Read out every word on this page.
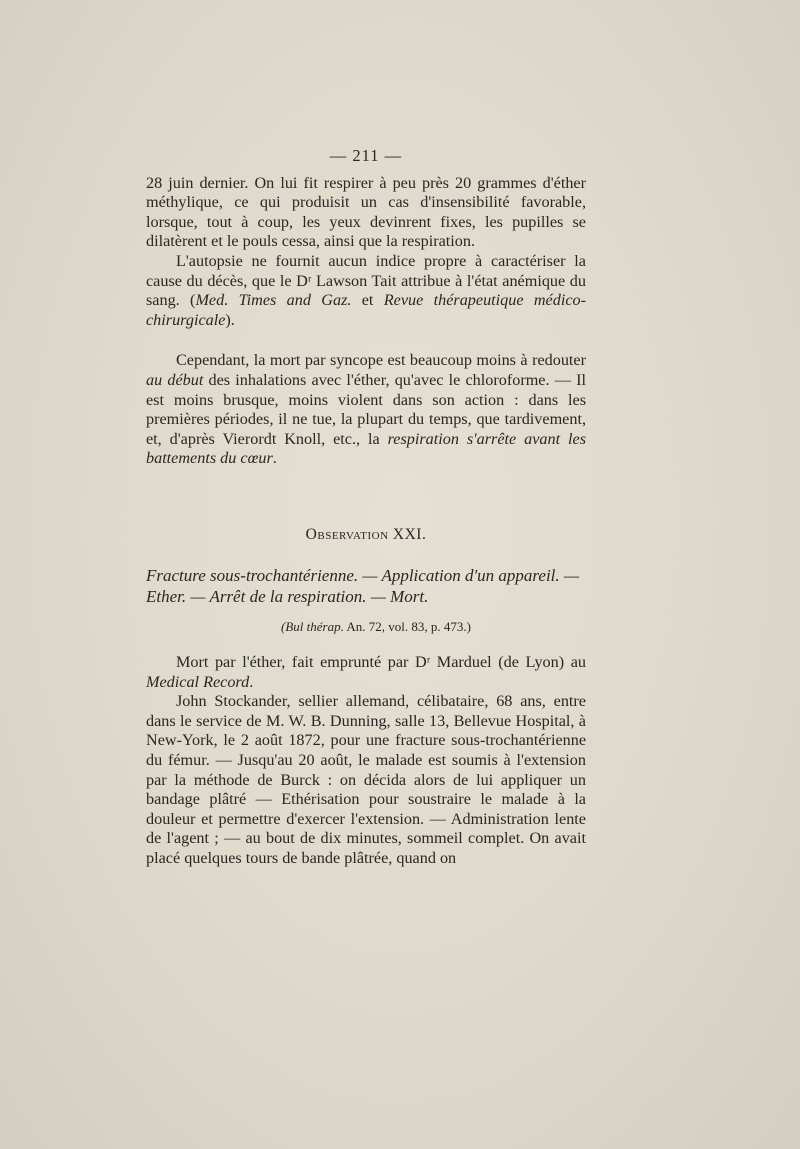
— 211 —

28 juin dernier. On lui fit respirer à peu près 20 grammes d'éther méthylique, ce qui produisit un cas d'insensibilité favorable, lorsque, tout à coup, les yeux devinrent fixes, les pupilles se dilatèrent et le pouls cessa, ainsi que la respiration.

L'autopsie ne fournit aucun indice propre à caractériser la cause du décès, que le Dʳ Lawson Tait attribue à l'état anémique du sang. (Med. Times and Gaz. et Revue thérapeutique médico-chirurgicale).

Cependant, la mort par syncope est beaucoup moins à redouter au début des inhalations avec l'éther, qu'avec le chloroforme. — Il est moins brusque, moins violent dans son action : dans les premières périodes, il ne tue, la plupart du temps, que tardivement, et, d'après Vierordt Knoll, etc., la respiration s'arrête avant les battements du cœur.

Observation XXI.
Fracture sous-trochantérienne. — Application d'un appareil. — Ether. — Arrêt de la respiration. — Mort.
(Bul thérap. An. 72, vol. 83, p. 473.)

Mort par l'éther, fait emprunté par Dʳ Marduel (de Lyon) au Medical Record.

John Stockander, sellier allemand, célibataire, 68 ans, entre dans le service de M. W. B. Dunning, salle 13, Bellevue Hospital, à New-York, le 2 août 1872, pour une fracture sous-trochantérienne du fémur. — Jusqu'au 20 août, le malade est soumis à l'extension par la méthode de Burck : on décida alors de lui appliquer un bandage plâtré — Ethérisation pour soustraire le malade à la douleur et permettre d'exercer l'extension. — Administration lente de l'agent ; — au bout de dix minutes, sommeil complet. On avait placé quelques tours de bande plâtrée, quand on
